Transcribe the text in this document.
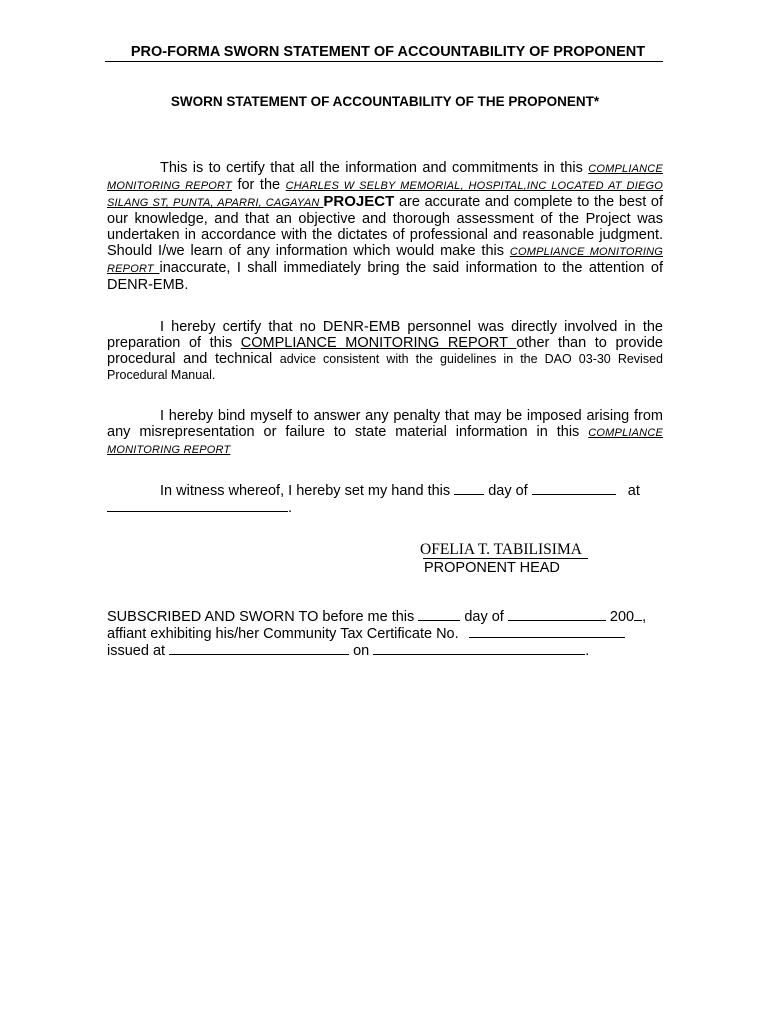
PRO-FORMA SWORN STATEMENT OF ACCOUNTABILITY OF PROPONENT
SWORN STATEMENT OF ACCOUNTABILITY OF THE PROPONENT*
This is to certify that all the information and commitments in this COMPLIANCE MONITORING REPORT for the CHARLES W SELBY MEMORIAL, HOSPITAL,INC LOCATED AT DIEGO SILANG ST, PUNTA, APARRI, CAGAYAN PROJECT are accurate and complete to the best of our knowledge, and that an objective and thorough assessment of the Project was undertaken in accordance with the dictates of professional and reasonable judgment. Should I/we learn of any information which would make this COMPLIANCE MONITORING REPORT inaccurate, I shall immediately bring the said information to the attention of DENR-EMB.
I hereby certify that no DENR-EMB personnel was directly involved in the preparation of this COMPLIANCE MONITORING REPORT other than to provide procedural and technical advice consistent with the guidelines in the DAO 03-30 Revised Procedural Manual.
I hereby bind myself to answer any penalty that may be imposed arising from any misrepresentation or failure to state material information in this COMPLIANCE MONITORING REPORT
In witness whereof, I hereby set my hand this  day of	at
.
OFELIA T. TABILISIMA
PROPONENT HEAD
SUBSCRIBED AND SWORN TO before me this	day of	200 ,
affiant exhibiting his/her Community Tax Certificate No.
issued at	on	.
